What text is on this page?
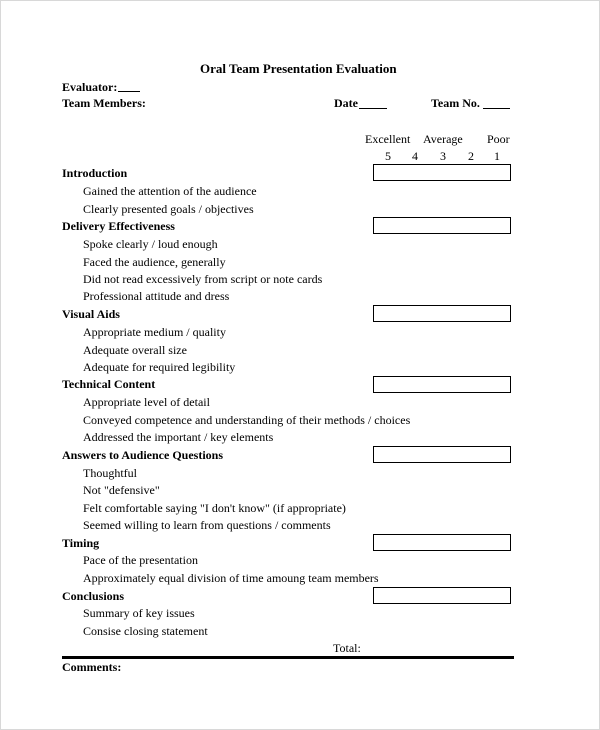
Oral Team Presentation Evaluation
Evaluator:
Team Members:	Date	Team No.
Excellent Average Poor
5 4 3 2 1
Introduction
Gained the attention of the audience
Clearly presented goals / objectives
Delivery Effectiveness
Spoke clearly / loud enough
Faced the audience, generally
Did not read excessively from script or note cards
Professional attitude and dress
Visual Aids
Appropriate medium / quality
Adequate overall size
Adequate for required legibility
Technical Content
Appropriate level of detail
Conveyed competence and understanding of their methods / choices
Addressed the important / key elements
Answers to Audience Questions
Thoughtful
Not "defensive"
Felt comfortable saying "I don't know" (if appropriate)
Seemed willing to learn from questions / comments
Timing
Pace of the presentation
Approximately equal division of time amoung team members
Conclusions
Summary of key issues
Consise closing statement
Total:
Comments:
